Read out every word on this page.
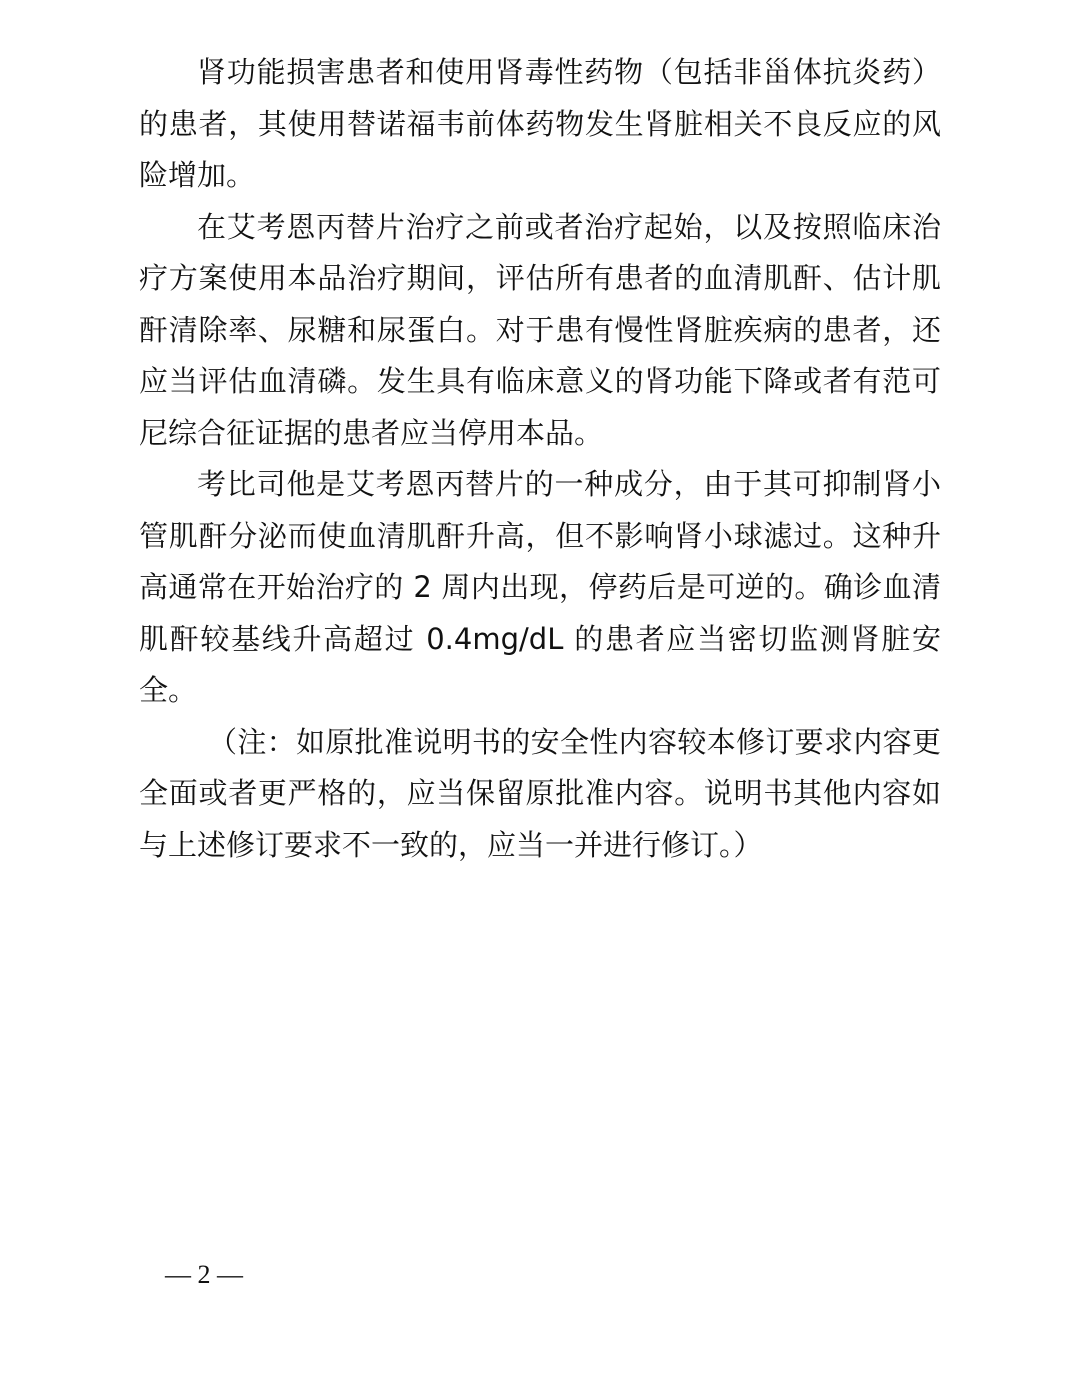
肾功能损害患者和使用肾毒性药物（包括非甾体抗炎药）的患者，其使用替诺福韦前体药物发生肾脏相关不良反应的风险增加。

在艾考恩丙替片治疗之前或者治疗起始，以及按照临床治疗方案使用本品治疗期间，评估所有患者的血清肌酐、估计肌酐清除率、尿糖和尿蛋白。对于患有慢性肾脏疾病的患者，还应当评估血清磷。发生具有临床意义的肾功能下降或者有范可尼综合征证据的患者应当停用本品。

考比司他是艾考恩丙替片的一种成分，由于其可抑制肾小管肌酐分泌而使血清肌酐升高，但不影响肾小球滤过。这种升高通常在开始治疗的 2 周内出现，停药后是可逆的。确诊血清肌酐较基线升高超过 0.4mg/dL 的患者应当密切监测肾脏安全。

（注：如原批准说明书的安全性内容较本修订要求内容更全面或者更严格的，应当保留原批准内容。说明书其他内容如与上述修订要求不一致的，应当一并进行修订。）

— 2 —
